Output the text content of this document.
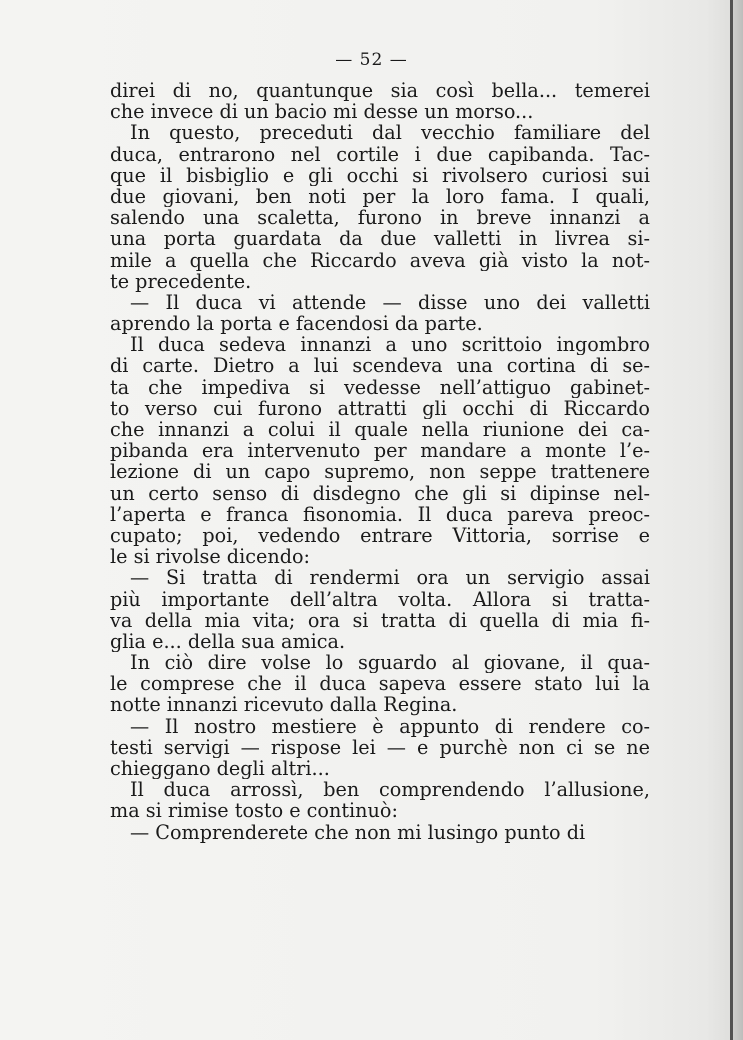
— 52 —
direi di no, quantunque sia così bella... temerei
che invece di un bacio mi desse un morso...
In questo, preceduti dal vecchio familiare del
duca, entrarono nel cortile i due capibanda. Tac-
que il bisbiglio e gli occhi si rivolsero curiosi sui
due giovani, ben noti per la loro fama. I quali,
salendo una scaletta, furono in breve innanzi a
una porta guardata da due valletti in livrea si-
mile a quella che Riccardo aveva già visto la not-
te precedente.
— Il duca vi attende — disse uno dei valletti
aprendo la porta e facendosi da parte.
Il duca sedeva innanzi a uno scrittoio ingombro
di carte. Dietro a lui scendeva una cortina di se-
ta che impediva si vedesse nell’attiguo gabinet-
to verso cui furono attratti gli occhi di Riccardo
che innanzi a colui il quale nella riunione dei ca-
pibanda era intervenuto per mandare a monte l’e-
lezione di un capo supremo, non seppe trattenere
un certo senso di disdegno che gli si dipinse nel-
l’aperta e franca fisonomia. Il duca pareva preoc-
cupato; poi, vedendo entrare Vittoria, sorrise e
le si rivolse dicendo:
— Si tratta di rendermi ora un servigio assai
più importante dell’altra volta. Allora si tratta-
va della mia vita; ora si tratta di quella di mia fi-
glia e... della sua amica.
In ciò dire volse lo sguardo al giovane, il qua-
le comprese che il duca sapeva essere stato lui la
notte innanzi ricevuto dalla Regina.
— Il nostro mestiere è appunto di rendere co-
testi servigi — rispose lei — e purchè non ci se ne
chieggano degli altri...
Il duca arrossì, ben comprendendo l’allusione,
ma si rimise tosto e continuò:
— Comprenderete che non mi lusingo punto di
